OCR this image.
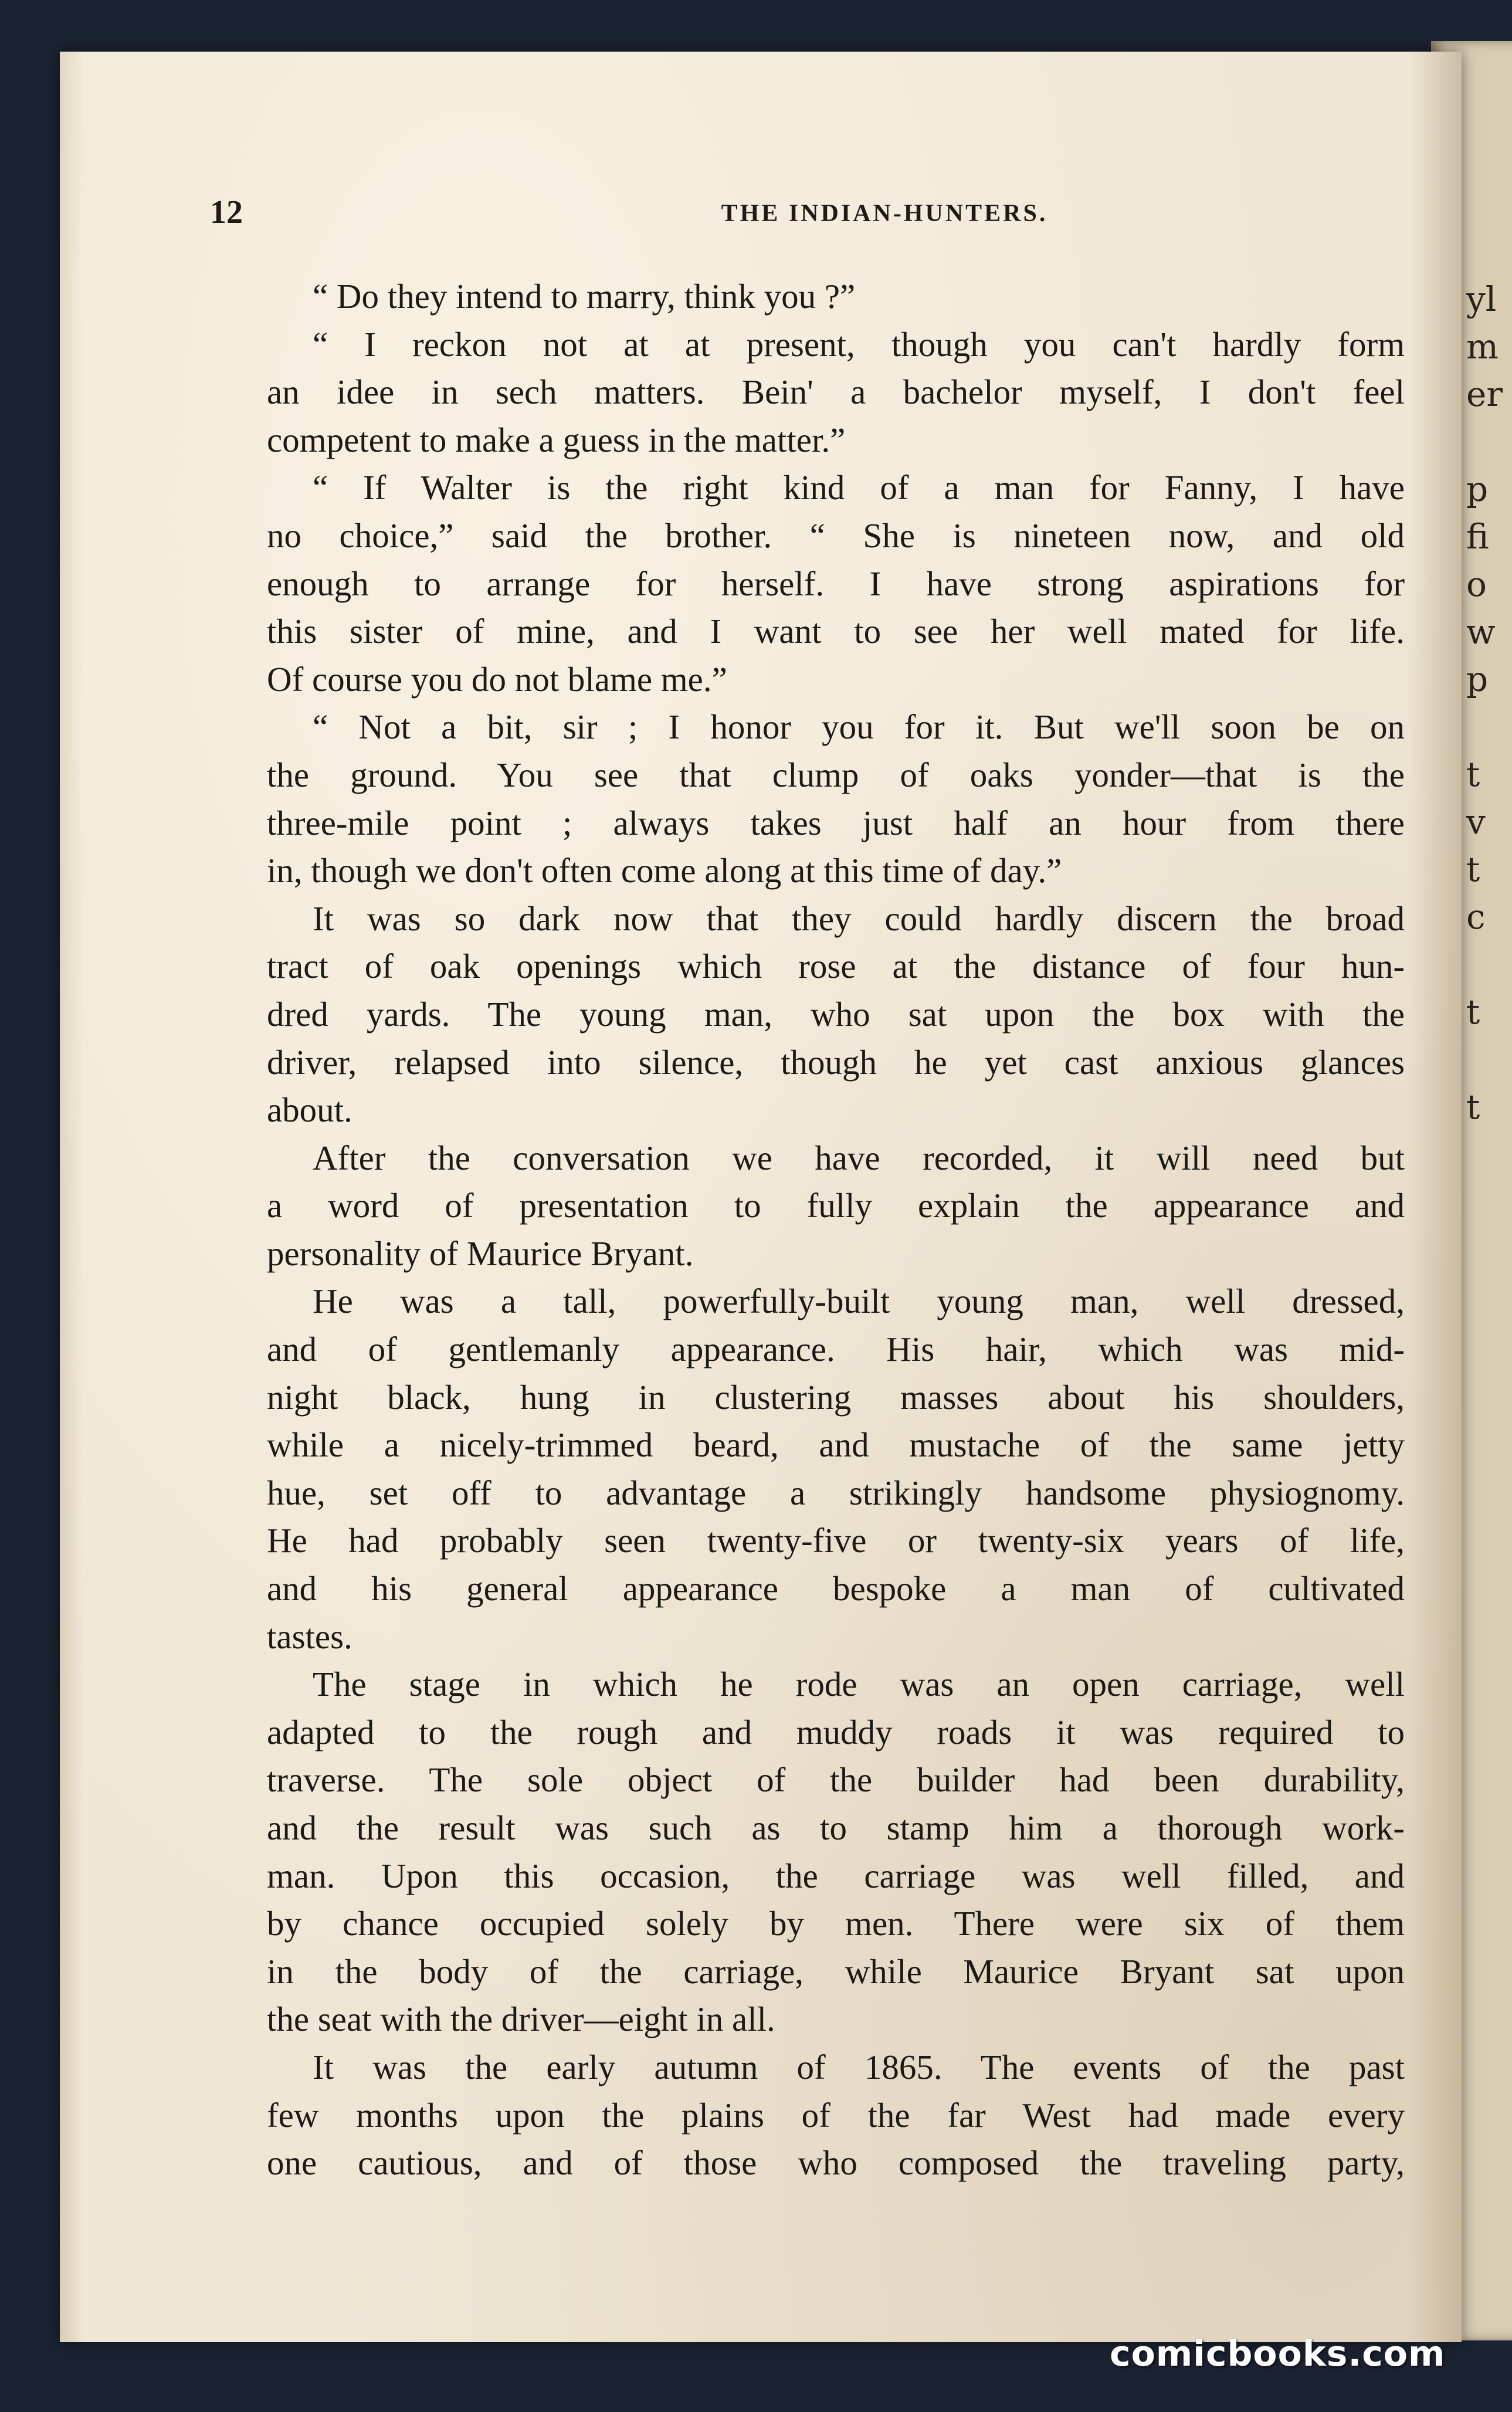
yl
m
er
p
fi
o
w
p
t
v
t
c
t
t
12	THE INDIAN-HUNTERS.
“ Do they intend to marry, think you ?”
“ I reckon not at at present, though you can't hardly form
an idee in sech matters. Bein' a bachelor myself, I don't feel
competent to make a guess in the matter.”
“ If Walter is the right kind of a man for Fanny, I have
no choice,” said the brother. “ She is nineteen now, and old
enough to arrange for herself. I have strong aspirations for
this sister of mine, and I want to see her well mated for life.
Of course you do not blame me.”
“ Not a bit, sir ; I honor you for it. But we'll soon be on
the ground. You see that clump of oaks yonder—that is the
three-mile point ; always takes just half an hour from there
in, though we don't often come along at this time of day.”
It was so dark now that they could hardly discern the broad
tract of oak openings which rose at the distance of four hun-
dred yards. The young man, who sat upon the box with the
driver, relapsed into silence, though he yet cast anxious glances
about.
After the conversation we have recorded, it will need but
a word of presentation to fully explain the appearance and
personality of Maurice Bryant.
He was a tall, powerfully-built young man, well dressed,
and of gentlemanly appearance. His hair, which was mid-
night black, hung in clustering masses about his shoulders,
while a nicely-trimmed beard, and mustache of the same jetty
hue, set off to advantage a strikingly handsome physiognomy.
He had probably seen twenty-five or twenty-six years of life,
and his general appearance bespoke a man of cultivated
tastes.
The stage in which he rode was an open carriage, well
adapted to the rough and muddy roads it was required to
traverse. The sole object of the builder had been durability,
and the result was such as to stamp him a thorough work-
man. Upon this occasion, the carriage was well filled, and
by chance occupied solely by men. There were six of them
in the body of the carriage, while Maurice Bryant sat upon
the seat with the driver—eight in all.
It was the early autumn of 1865. The events of the past
few months upon the plains of the far West had made every
one cautious, and of those who composed the traveling party,
comicbooks.com
